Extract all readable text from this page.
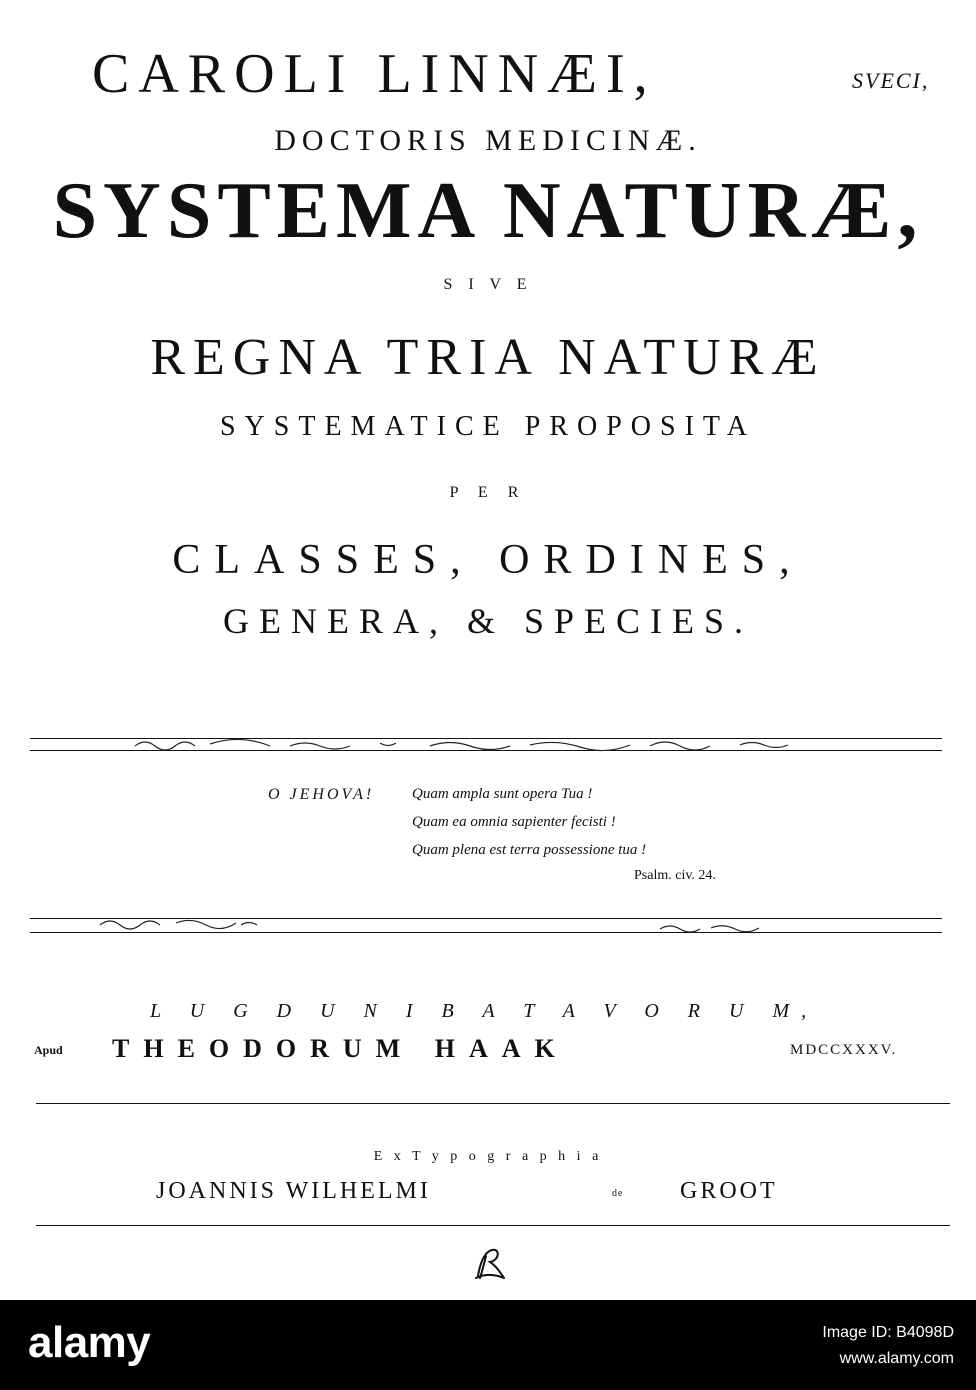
CAROLI LINNÆI,	SVECI,
DOCTORIS MEDICINÆ.
SYSTEMA NATURÆ,
S I V E
REGNA TRIA NATURÆ
SYSTEMATICE PROPOSITA
P E R
CLASSES, ORDINES,
GENERA, & SPECIES.
O JEHOVA!	Quam ampla sunt opera Tua !
Quam ea omnia sapienter fecisti !
Quam plena est terra possessione tua !
Psalm. civ. 24.
L U G D U N I B A T A V O R U M,
Apud THEODORUM HAAK	MDCCXXXV.
E x T y p o g r a p h i a
JOANNIS WILHELMI	de GROOT
alamy	Image ID: B4098D
www.alamy.com
